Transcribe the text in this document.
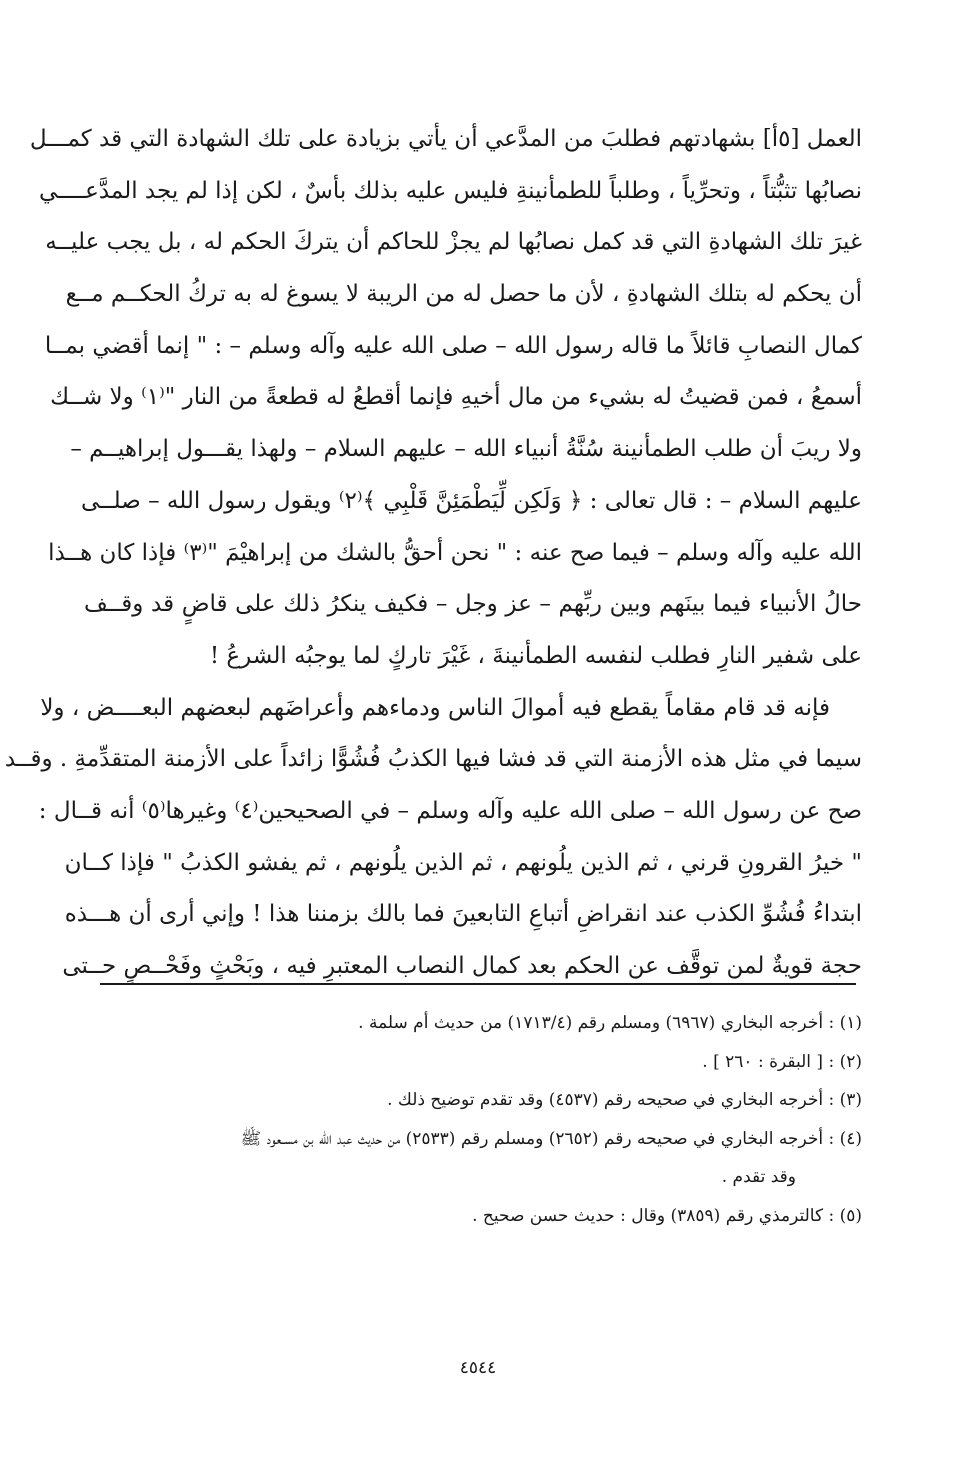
العمل [٥أ] بشهادتهم فطلبَ من المدَّعي أن يأتي بزيادة على تلك الشهادة التي قد كمـــل
نصابُها تثبُّتاً ، وتحرِّياً ، وطلباً للطمأنينةِ فليس عليه بذلك بأسٌ ، لكن إذا لم يجد المدَّعــــي
غيرَ تلك الشهادةِ التي قد كمل نصابُها لم يجزْ للحاكم أن يتركَ الحكم له ، بل يجب عليــه
أن يحكم له بتلك الشهادةِ ، لأن ما حصل له من الريبة لا يسوغ له به تركُ الحكــم مــع
كمال النصابِ قائلاً ما قاله رسول الله – صلى الله عليه وآله وسلم – : " إنما أقضي بمــا
أسمعُ ، فمن قضيتُ له بشيء من مال أخيهِ فإنما أقطعُ له قطعةً من النار "⁽١⁾ ولا شــك
ولا ريبَ أن طلب الطمأنينة سُنَّةُ أنبياء الله – عليهم السلام – ولهذا يقـــول إبراهيــم –
عليهم السلام – : قال تعالى : ﴿ وَلَكِن لِّيَطْمَئِنَّ قَلْبِي ﴾⁽٢⁾ ويقول رسول الله – صلــى
الله عليه وآله وسلم – فيما صح عنه : " نحن أحقُّ بالشك من إبراهيْمَ "⁽٣⁾ فإذا كان هــذا
حالُ الأنبياء فيما بينَهم وبين ربِّهم – عز وجل – فكيف ينكرُ ذلك على قاضٍ قد وقــف
على شفير النارِ فطلب لنفسه الطمأنينةَ ، غَيْرَ تاركٍ لما يوجبُه الشرعُ !
فإنه قد قام مقاماً يقطع فيه أموالَ الناس ودماءهم وأعراضَهم لبعضهم البعــــض ، ولا
سيما في مثل هذه الأزمنة التي قد فشا فيها الكذبُ فُشُوًّا زائداً على الأزمنة المتقدِّمةِ . وقــد
صح عن رسول الله – صلى الله عليه وآله وسلم – في الصحيحين⁽٤⁾ وغيرها⁽٥⁾ أنه قــال :
" خيرُ القرونِ قرني ، ثم الذين يلُونهم ، ثم الذين يلُونهم ، ثم يفشو الكذبُ " فإذا كــان
ابتداءُ فُشُوِّ الكذب عند انقراضِ أتباعِ التابعينَ فما بالك بزمننا هذا ! وإني أرى أن هـــذه
حجة قويةٌ لمن توقَّف عن الحكم بعد كمال النصاب المعتبرِ فيه ، وبَحْثٍ وفَحْــصٍ حــتى
(١) : أخرجه البخاري (٦٩٦٧) ومسلم رقم (١٧١٣/٤) من حديث أم سلمة .
(٢) : [ البقرة : ٢٦٠ ] .
(٣) : أخرجه البخاري في صحيحه رقم (٤٥٣٧) وقد تقدم توضيح ذلك .
(٤) : أخرجه البخاري في صحيحه رقم (٢٦٥٢) ومسلم رقم (٢٥٣٣) من حديث عبد الله بن مسـعود ﷺ
وقد تقدم .
(٥) : كالترمذي رقم (٣٨٥٩) وقال : حديث حسن صحيح .
٤٥٤٤
